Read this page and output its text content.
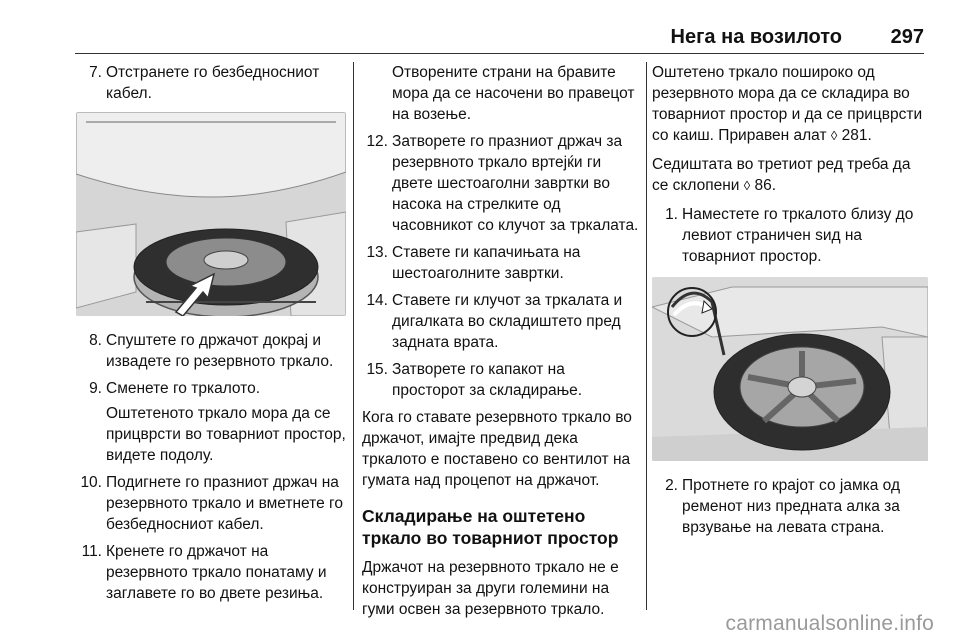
Нега на возилото 297
7. Отстранете го безбедносниот кабел.
8. Спуштете го држачот докрај и извадете го резервното тркало.
9. Сменете го тркалото.
Оштетеното тркало мора да се прицврсти во товарниот простор, видете подолу.
10. Подигнете го празниот држач на резервното тркало и вметнете го безбедносниот кабел.
11. Кренете го држачот на резервното тркало понатаму и заглавете го во двете резиња.
Отворените страни на бравите мора да се насочени во правецот на возење.
12. Затворете го празниот држач за резервното тркало вртејќи ги двете шестоаголни завртки во насока на стрелките од часовникот со клучот за тркалата.
13. Ставете ги капачињата на шестоаголните завртки.
14. Ставете ги клучот за тркалата и дигалката во складиштето пред задната врата.
15. Затворете го капакот на просторот за складирање.

Кога го ставате резервното тркало во држачот, имајте предвид дека тркалото е поставено со вентилот на гумата над процепот на држачот.

Складирање на оштетено тркало во товарниот простор

Држачот на резервното тркало не е конструиран за други големини на гуми освен за резервното тркало.

Оштетено тркало поширoко од резервното мора да се складира во товарниот простор и да се прицврсти со каиш. Приравен алат ◊ 281.

Седиштата во третиот ред треба да се склопени ◊ 86.

1. Наместете го тркалото близу до левиот страничен ѕид на товарниот простор.
2. Протнете го крајот со јамка од ременот низ предната алка за врзување на левата страна.
carmanualsonline.info
